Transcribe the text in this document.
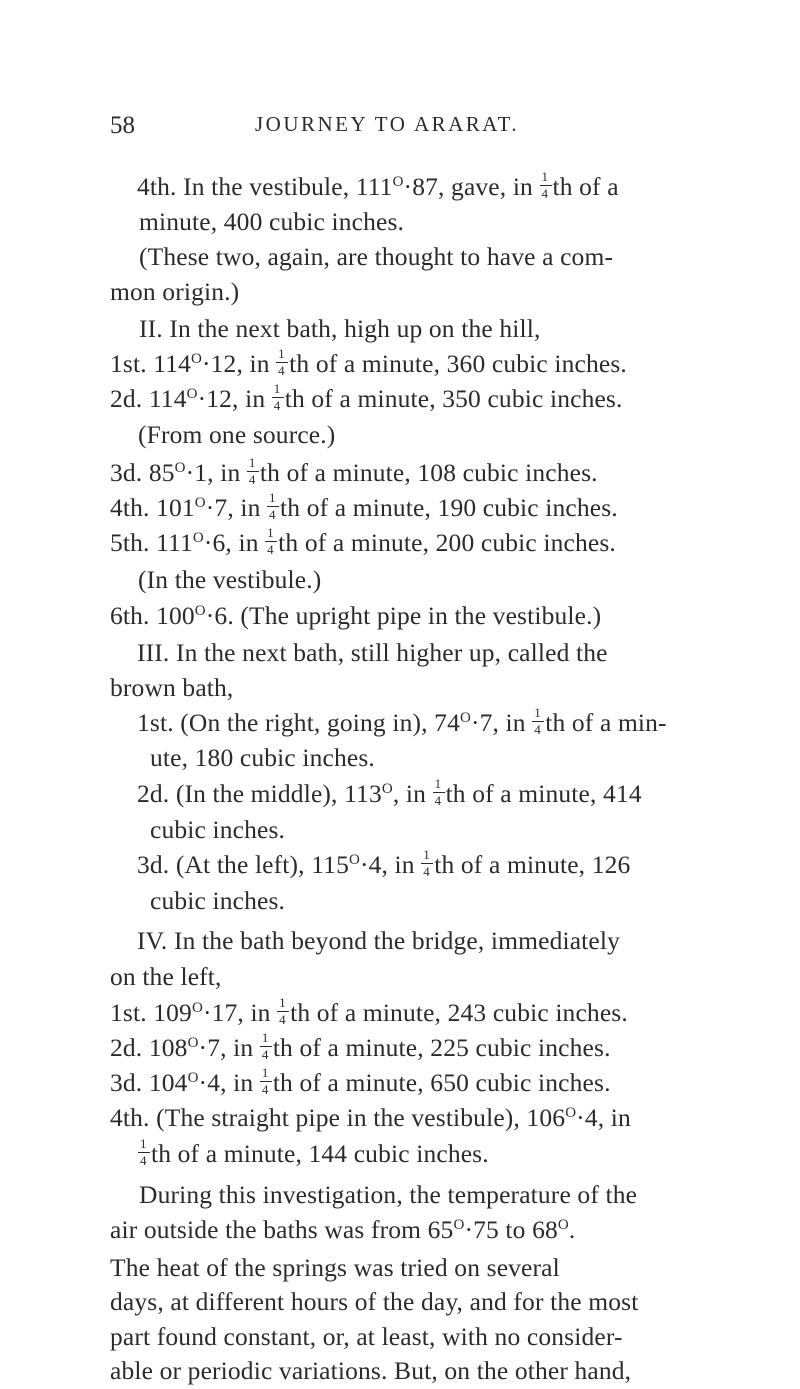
58	JOURNEY TO ARARAT.
4th. In the vestibule, $111^O\cdot 87$, gave, in $\frac{1}{4}$ th of a
minute, 400 cubic inches.
(These two, again, are thought to have a com-
mon origin.)
II. In the next bath, high up on the hill,
1st. $114^O\cdot 12$, in $\frac{1}{4}$ th of a minute, 360 cubic inches.
2d. $114^O\cdot 12$, in $\frac{1}{4}$ th of a minute, 350 cubic inches.
(From one source.)
3d. $85^O\cdot 1$, in $\frac{1}{4}$ th of a minute, 108 cubic inches.
4th. $101^O\cdot 7$, in $\frac{1}{4}$ th of a minute, 190 cubic inches.
5th. $111^O\cdot 6$, in $\frac{1}{4}$ th of a minute, 200 cubic inches.
(In the vestibule.)
6th. $100^O\cdot 6$. (The upright pipe in the vestibule.)
III. In the next bath, still higher up, called the
brown bath,
1st. (On the right, going in), $74^O\cdot 7$, in $\frac{1}{4}$ th of a min-
ute, 180 cubic inches.
2d. (In the middle), $113^O$, in $\frac{1}{4}$ th of a minute, 414
cubic inches.
3d. (At the left), $115^O\cdot 4$, in $\frac{1}{4}$ th of a minute, 126
cubic inches.
IV. In the bath beyond the bridge, immediately
on the left,
1st. $109^O\cdot 17$, in $\frac{1}{4}$ th of a minute, 243 cubic inches.
2d. $108^O\cdot 7$, in $\frac{1}{4}$ th of a minute, 225 cubic inches.
3d. $104^O\cdot 4$, in $\frac{1}{4}$ th of a minute, 650 cubic inches.
4th. (The straight pipe in the vestibule), $106^O\cdot 4$, in
$\frac{1}{4}$ th of a minute, 144 cubic inches.
During this investigation, the temperature of the
air outside the baths was from $65^O\cdot 75$ to $68^O$.
The heat of the springs was tried on several
days, at different hours of the day, and for the most
part found constant, or, at least, with no consider-
able or periodic variations. But, on the other hand,
